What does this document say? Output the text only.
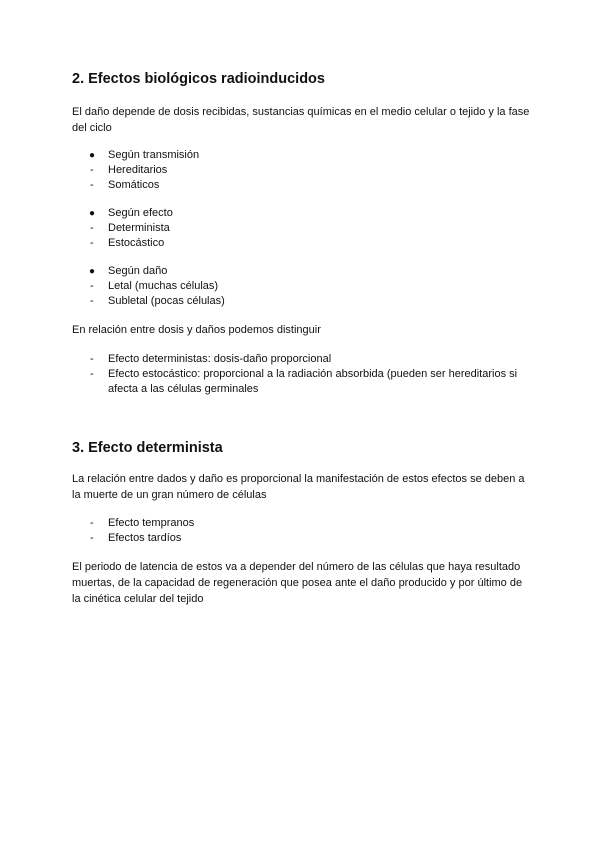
2. Efectos biológicos radioinducidos

El daño depende de dosis recibidas, sustancias químicas en el medio celular o tejido y la fase del ciclo

●	Según transmisión
-	Hereditarios
-	Somáticos
●	Según efecto
-	Determinista
-	Estocástico
●	Según daño
-	Letal (muchas células)
-	Subletal (pocas células)

En relación entre dosis y daños podemos distinguir

-	Efecto deterministas: dosis-daño proporcional
-	Efecto estocástico: proporcional a la radiación absorbida (pueden ser hereditarios si afecta a las células germinales
3. Efecto determinista

La relación entre dados y daño es proporcional la manifestación de estos efectos se deben a la muerte de un gran número de células

-	Efecto tempranos
-	Efectos tardíos

El periodo de latencia de estos va a depender del número de las células que haya resultado muertas, de la capacidad de regeneración que posea ante el daño producido y por último de la cinética celular del tejido
